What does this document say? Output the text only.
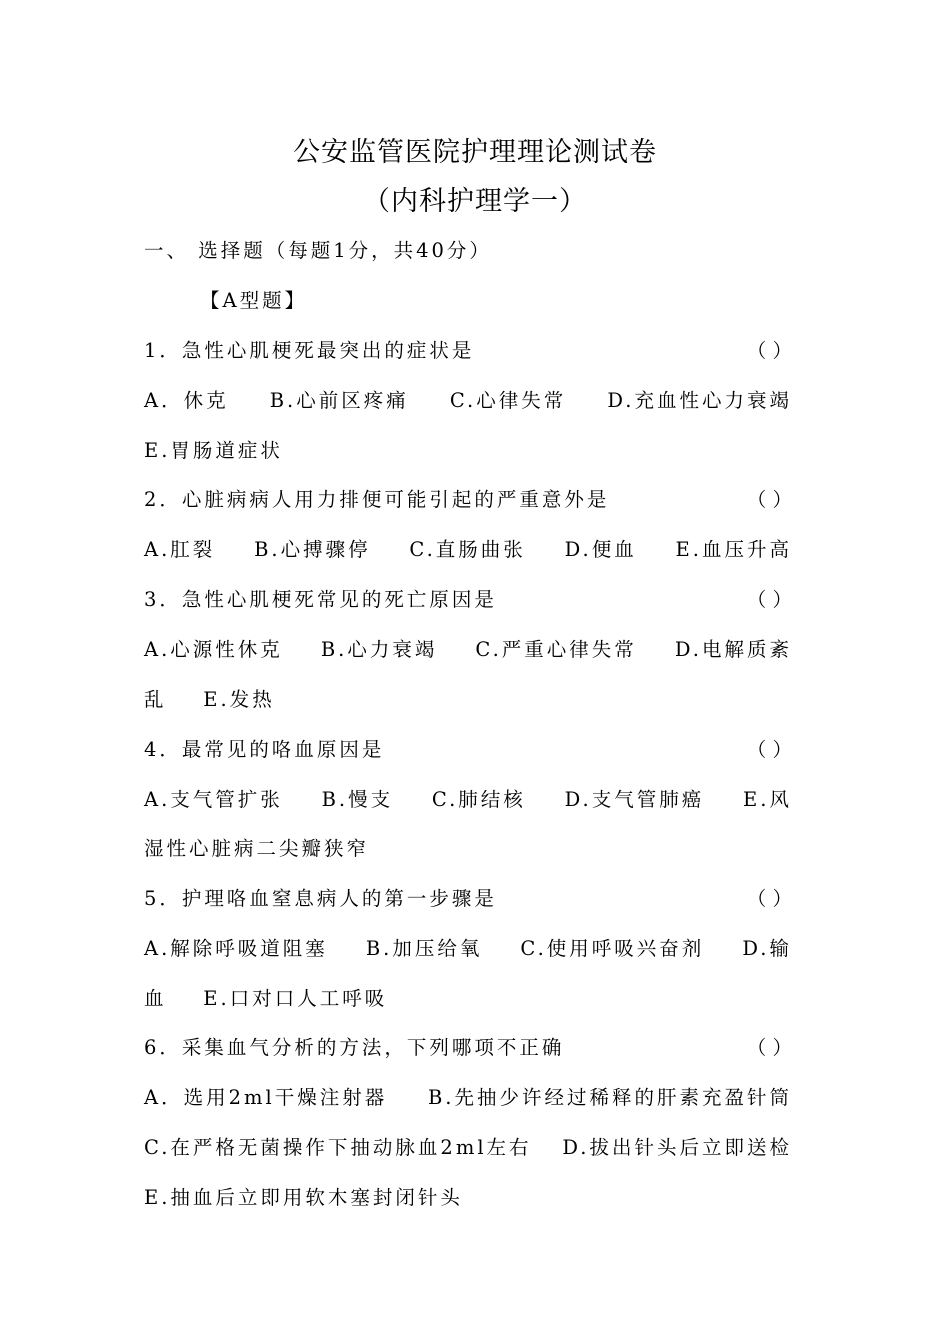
公安监管医院护理理论测试卷
（内科护理学一）
一、 选择题（每题1分，共40分）
【A型题】
1．急性心肌梗死最突出的症状是	（ ）
A．休克 B.心前区疼痛 C.心律失常 D.充血性心力衰竭
E.胃肠道症状
2．心脏病病人用力排便可能引起的严重意外是	（ ）
A.肛裂 B.心搏骤停 C.直肠曲张 D.便血 E.血压升高
3．急性心肌梗死常见的死亡原因是	（ ）
A.心源性休克 B.心力衰竭 C.严重心律失常 D.电解质紊
乱    E.发热
4．最常见的咯血原因是	（ ）
A.支气管扩张 B.慢支 C.肺结核 D.支气管肺癌 E.风
湿性心脏病二尖瓣狭窄
5．护理咯血窒息病人的第一步骤是	（ ）
A.解除呼吸道阻塞 B.加压给氧 C.使用呼吸兴奋剂 D.输
血    E.口对口人工呼吸
6．采集血气分析的方法，下列哪项不正确	（ ）
A．选用2ml干燥注射器 B.先抽少许经过稀释的肝素充盈针筒
C.在严格无菌操作下抽动脉血2ml左右 D.拔出针头后立即送检
E.抽血后立即用软木塞封闭针头
